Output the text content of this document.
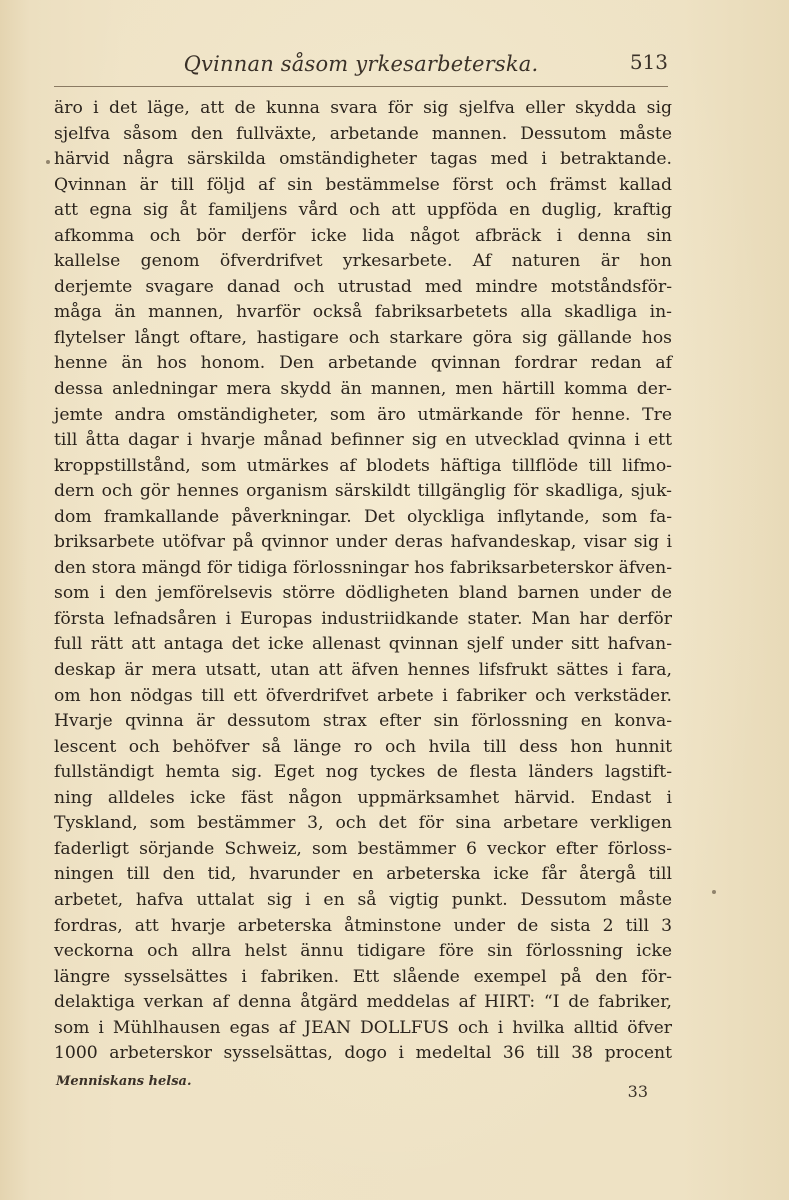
Qvinnan såsom yrkesarbeterska.	513
äro i det läge, att de kunna svara för sig sjelfva eller skydda sig
sjelfva såsom den fullväxte, arbetande mannen. Dessutom måste
härvid några särskilda omständigheter tagas med i betraktande.
Qvinnan är till följd af sin bestämmelse först och främst kallad
att egna sig åt familjens vård och att uppföda en duglig, kraftig
afkomma och bör derför icke lida något afbräck i denna sin
kallelse genom öfverdrifvet yrkesarbete. Af naturen är hon
derjemte svagare danad och utrustad med mindre motståndsför-
måga än mannen, hvarför också fabriksarbetets alla skadliga in-
flytelser långt oftare, hastigare och starkare göra sig gällande hos
henne än hos honom. Den arbetande qvinnan fordrar redan af
dessa anledningar mera skydd än mannen, men härtill komma der-
jemte andra omständigheter, som äro utmärkande för henne. Tre
till åtta dagar i hvarje månad befinner sig en utvecklad qvinna i ett
kroppstillstånd, som utmärkes af blodets häftiga tillflöde till lifmo-
dern och gör hennes organism särskildt tillgänglig för skadliga, sjuk-
dom framkallande påverkningar. Det olyckliga inflytande, som fa-
briksarbete utöfvar på qvinnor under deras hafvandeskap, visar sig i
den stora mängd för tidiga förlossningar hos fabriksarbeterskor äfven-
som i den jemförelsevis större dödligheten bland barnen under de
första lefnadsåren i Europas industriidkande stater. Man har derför
full rätt att antaga det icke allenast qvinnan sjelf under sitt hafvan-
deskap är mera utsatt, utan att äfven hennes lifsfrukt sättes i fara,
om hon nödgas till ett öfverdrifvet arbete i fabriker och verkstäder.
Hvarje qvinna är dessutom strax efter sin förlossning en konva-
lescent och behöfver så länge ro och hvila till dess hon hunnit
fullständigt hemta sig. Eget nog tyckes de flesta länders lagstift-
ning alldeles icke fäst någon uppmärksamhet härvid. Endast i
Tyskland, som bestämmer 3, och det för sina arbetare verkligen
faderligt sörjande Schweiz, som bestämmer 6 veckor efter förloss-
ningen till den tid, hvarunder en arbeterska icke får återgå till
arbetet, hafva uttalat sig i en så vigtig punkt. Dessutom måste
fordras, att hvarje arbeterska åtminstone under de sista 2 till 3
veckorna och allra helst ännu tidigare före sin förlossning icke
längre sysselsättes i fabriken. Ett slående exempel på den för-
delaktiga verkan af denna åtgärd meddelas af HIRT: “I de fabriker,
som i Mühlhausen egas af JEAN DOLLFUS och i hvilka alltid öfver
1000 arbeterskor sysselsättas, dogo i medeltal 36 till 38 procent
Menniskans helsa.
33
